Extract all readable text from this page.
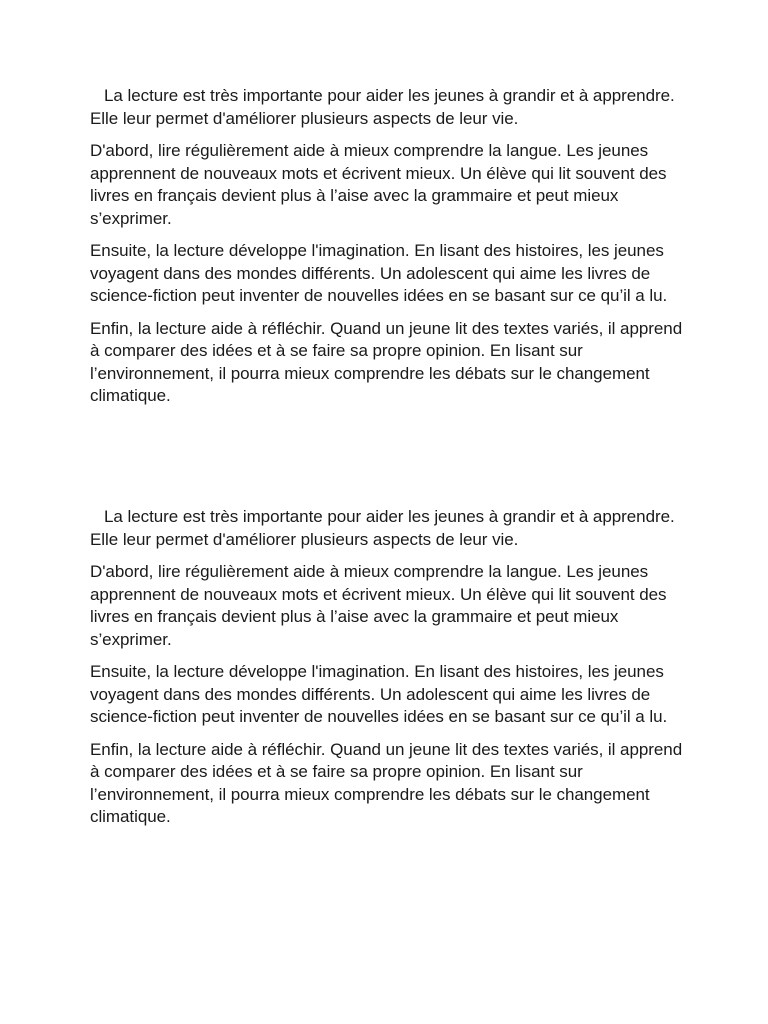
La lecture est très importante pour aider les jeunes à grandir et à apprendre. Elle leur permet d'améliorer plusieurs aspects de leur vie.

D'abord, lire régulièrement aide à mieux comprendre la langue. Les jeunes apprennent de nouveaux mots et écrivent mieux. Un élève qui lit souvent des livres en français devient plus à l’aise avec la grammaire et peut mieux s’exprimer.

Ensuite, la lecture développe l'imagination. En lisant des histoires, les jeunes voyagent dans des mondes différents. Un adolescent qui aime les livres de science-fiction peut inventer de nouvelles idées en se basant sur ce qu’il a lu.

Enfin, la lecture aide à réfléchir. Quand un jeune lit des textes variés, il apprend à comparer des idées et à se faire sa propre opinion. En lisant sur l’environnement, il pourra mieux comprendre les débats sur le changement climatique.

La lecture est très importante pour aider les jeunes à grandir et à apprendre. Elle leur permet d'améliorer plusieurs aspects de leur vie.

D'abord, lire régulièrement aide à mieux comprendre la langue. Les jeunes apprennent de nouveaux mots et écrivent mieux. Un élève qui lit souvent des livres en français devient plus à l’aise avec la grammaire et peut mieux s’exprimer.

Ensuite, la lecture développe l'imagination. En lisant des histoires, les jeunes voyagent dans des mondes différents. Un adolescent qui aime les livres de science-fiction peut inventer de nouvelles idées en se basant sur ce qu’il a lu.

Enfin, la lecture aide à réfléchir. Quand un jeune lit des textes variés, il apprend à comparer des idées et à se faire sa propre opinion. En lisant sur l’environnement, il pourra mieux comprendre les débats sur le changement climatique.
